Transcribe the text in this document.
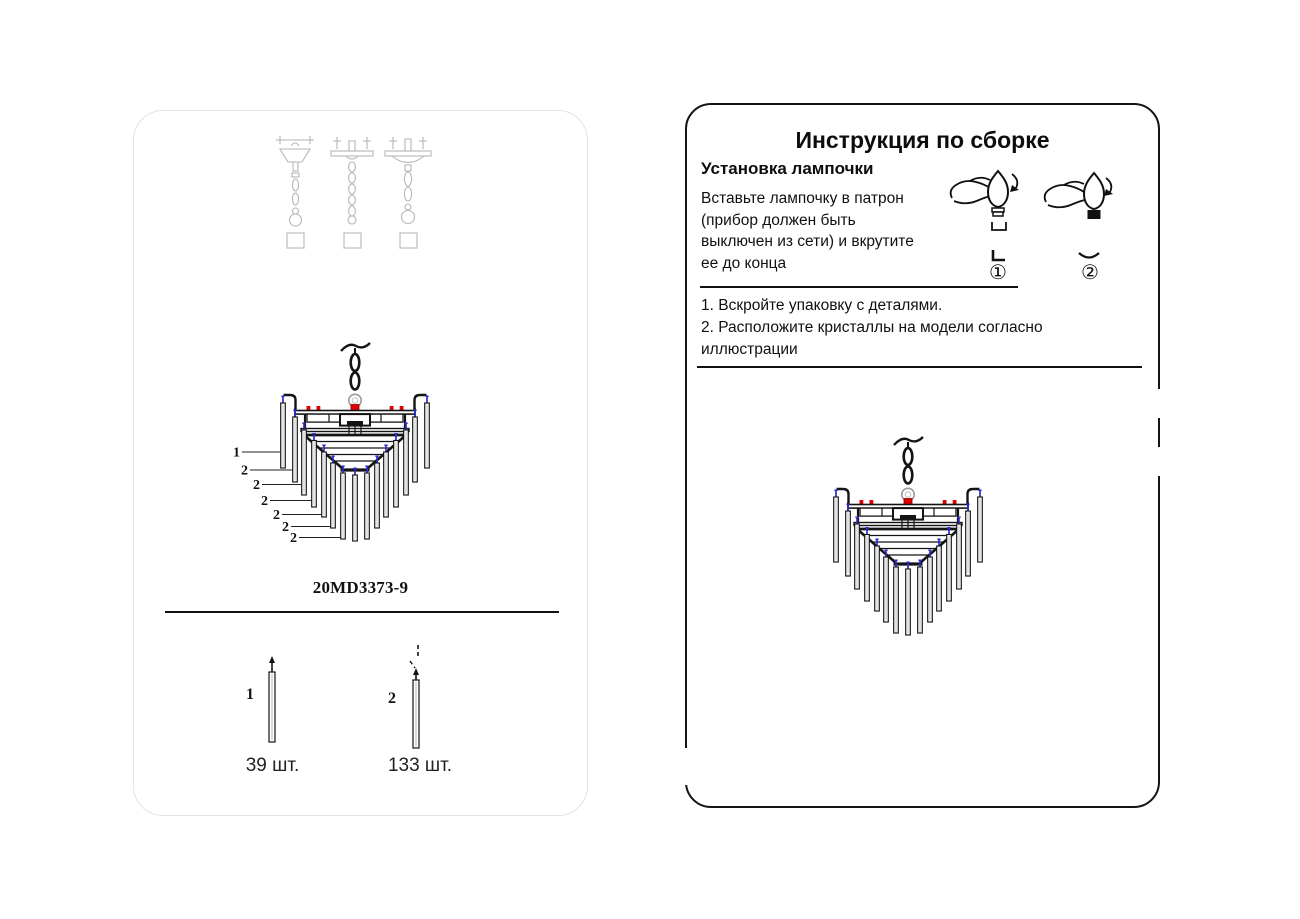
1
2
2
2
2
2
2
20MD3373-9
1
39 шт.
2
133 шт.
Инструкция по сборке
Установка лампочки
Вставьте лампочку в патрон
(прибор должен быть
выключен из сети) и вкрутите
ее до конца	①	②
1. Вскройте упаковку с деталями.
2. Расположите кристаллы на модели согласно
иллюстрации
